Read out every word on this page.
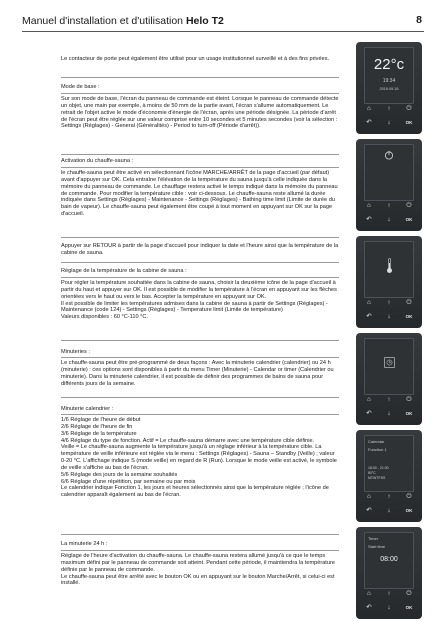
Manuel d'installation et d'utilisation Helo T2	8

Le contacteur de porte peut également être utilisé pour un usage institutionnel surveillé et à des fins privées.

Mode de base :

Sur son mode de base, l'écran du panneau de commande est éteint. Lorsque le panneau de commande détecte un objet, une main par exemple, à moins de 50 mm de la partie avant, l'écran s'allume automatiquement. Le retrait de l'objet active le mode d'économie d'énergie de l'écran, après une période désignée. La période d'arrêt de l'écran peut être réglée sur une valeur comprise entre 10 secondes et 5 minutes secondes (voir la sélection : Settings (Réglages) - General (Généralités) - Period to turn-off (Période d'arrêt)).

Activation du chauffe-sauna :

le chauffe-sauna peut être activé en sélectionnant l'icône MARCHE/ARRÊT de la page d'accueil (par défaut) avant d'appuyer sur OK. Cela entraîne l'élévation de la température du sauna jusqu'à celle indiquée dans la mémoire du panneau de commande. Le chauffage restera activé le temps indiqué dans la mémoire du panneau de commande. Pour modifier la température cible : voir ci-dessous. Le chauffe-sauna reste allumé la durée indiquée dans Settings (Réglages) - Maintenance - Settings (Réglages) - Bathing time limit (Limite de durée du bain de vapeur). Le chauffe-sauna peut également être coupé à tout moment en appuyant sur OK sur la page d'accueil.

Appuyer sur RETOUR à partir de la page d'accueil pour indiquer la date et l'heure ainsi que la température de la cabine de sauna.

Réglage de la température de la cabine de sauna :

Pour régler la température souhaitée dans la cabine de sauna, choisir la deuxième icône de la page d'accueil à partir du haut et appuyer sur OK. Il est possible de modifier la température à l'écran en appuyant sur les flèches orientées vers le haut ou vers le bas. Accepter la température en appuyant sur OK.

Il est possible de limiter les températures admises dans la cabine de sauna à partir de Settings (Réglages) - Maintenance (code 124) - Settings (Réglages) - Temperature limit (Limite de température)

Valeurs disponibles : 60 °C-110 °C.

Minuteries :

Le chauffe-sauna peut être pré-programmé de deux façons : Avec la minuterie calendrier (calendrier) ou 24 h (minuterie) : ces options sont disponibles à partir du menu Timer (Minuterie) - Calendar or timer (Calendrier ou minuterie). Dans la minuterie calendrier, il est possible de définir des programmes de bains de sauna pour différents jours de la semaine.

Minuterie calendrier :

1/6 Réglage de l'heure de début

2/6 Réglage de l'heure de fin

3/6 Réglage de la température

4/6 Réglage du type de fonction. Actif = Le chauffe-sauna démarre avec une température cible définie.

Veille = Le chauffe-sauna augmente la température jusqu'à un réglage inférieur à la température cible. La température de veille inférieure est réglée via le menu : Settings (Réglages) - Sauna – Standby (Veille) ; valeur 0-20 °C. L'affichage indique S (mode veille) en regard de R (Run). Lorsque le mode veille est activé, le symbole de veille s'affiche au bas de l'écran.

5/6 Réglage des jours de la semaine souhaités

6/6 Réglage d'une répétition, par semaine ou par mois

Le calendrier indique Fonction 1, les jours et heures sélectionnés ainsi que la température réglée ; l'icône de calendrier apparaît également au bas de l'écran.

La minuterie 24 h :

Réglage de l'heure d'activation du chauffe-sauna. Le chauffe-sauna restera allumé jusqu'à ce que le temps maximum défini par le panneau de commande soit atteint. Pendant cette période, il maintiendra la température définie par le panneau de commande.

Le chauffe-sauna peut être arrêté avec le bouton OK ou en appuyant sur le bouton Marche/Arrêt, si celui-ci est installé.

22°c
19:34
2019.09.18
⌂	↑	⏻
↶	↓	OK
⌂	↑	⏻
↶	↓	OK
⌂	↑	⏻
↶	↓	OK
⌂	↑	⏻
↶	↓	OK
Calendar
Function 1
18:00 - 21:00
80°C
MTWTFSS
⌂	↑	⏻
↶	↓	OK
Timer
Start time
08:00
⌂	↑	⏻
↶	↓	OK
